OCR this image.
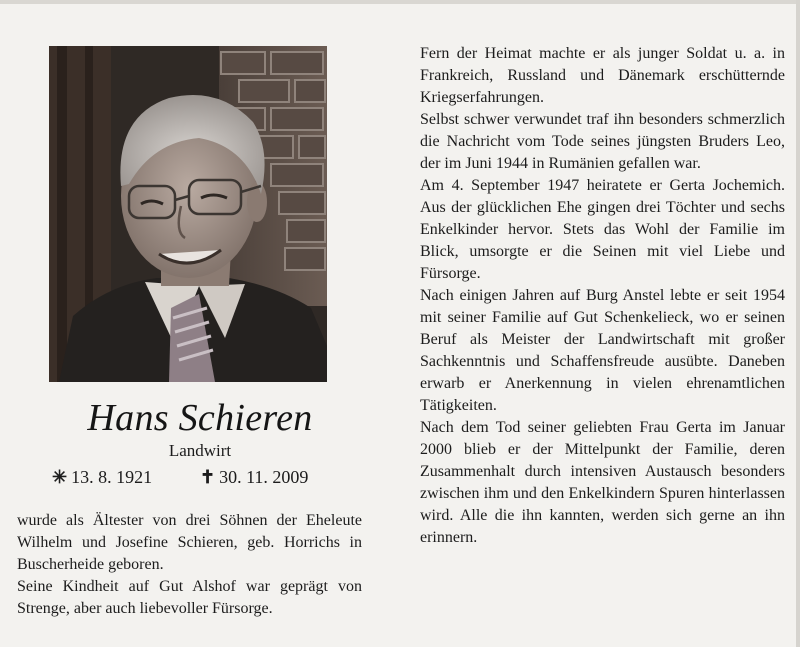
Hans Schieren
Landwirt
✳ 13. 8. 1921	✝ 30. 11. 2009

wurde als Ältester von drei Söhnen der Eheleute Wilhelm und Josefine Schieren, geb. Horrichs in Buscherheide geboren.

Seine Kindheit auf Gut Alshof war geprägt von Strenge, aber auch liebevoller Fürsorge.

Fern der Heimat machte er als junger Soldat u. a. in Frankreich, Russland und Dänemark erschütternde Kriegserfahrungen.

Selbst schwer verwundet traf ihn besonders schmerzlich die Nachricht vom Tode seines jüngsten Bruders Leo, der im Juni 1944 in Rumänien gefallen war.

Am 4. September 1947 heiratete er Gerta Jochemich. Aus der glücklichen Ehe gingen drei Töchter und sechs Enkelkinder hervor. Stets das Wohl der Familie im Blick, umsorgte er die Seinen mit viel Liebe und Fürsorge.

Nach einigen Jahren auf Burg Anstel lebte er seit 1954 mit seiner Familie auf Gut Schenkelieck, wo er seinen Beruf als Meister der Landwirtschaft mit großer Sachkenntnis und Schaffensfreude ausübte. Daneben erwarb er Anerkennung in vielen ehrenamtlichen Tätigkeiten.

Nach dem Tod seiner geliebten Frau Gerta im Januar 2000 blieb er der Mittelpunkt der Familie, deren Zusammenhalt durch intensiven Austausch besonders zwischen ihm und den Enkelkindern Spuren hinterlassen wird. Alle die ihn kannten, werden sich gerne an ihn erinnern.
